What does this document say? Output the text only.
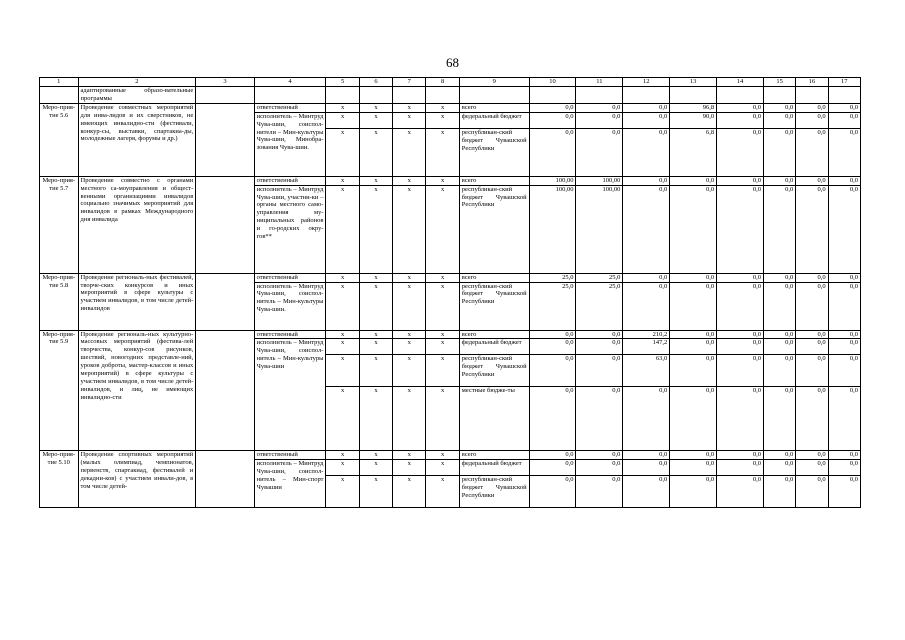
68
1	2	3	4	5	6	7	8	9	10	11	12	13	14	15	16	17
	адаптированные образо-вательные программы															
Меро-прия-тие 5.6	Проведение совместных мероприятий для инва-лидов и их сверстников, не имеющих инвалидно-сти (фестивали, конкур-сы, выставки, спартакиа-ды, молодежные лагеря, форумы и др.)		ответственный	x	x	x	x	всего	0,0	0,0	0,0	96,8	0,0	0,0	0,0	0,0
			исполнитель – Минтруд Чува-шии, соиспол-нители – Мин-культуры Чува-шии, Минобра-зования Чува-шии.	x	x	x	x	федеральный бюджет	0,0	0,0	0,0	90,0	0,0	0,0	0,0	0,0
				x	x	x	x	республикан-ский бюджет Чувашской Республики	0,0	0,0	0,0	6,8	0,0	0,0	0,0	0,0
Меро-прия-тие 5.7	Проведение совместно с органами местного са-моуправления и общест-венными организациями инвалидов социально значимых мероприятий для инвалидов в рамках Международного дня инвалида		ответственный	x	x	x	x	всего	100,00	100,00	0,0	0,0	0,0	0,0	0,0	0,0
			исполнитель – Минтруд Чува-шии, участни-ки – органы местного само-управления му-ниципальных районов и го-родских окру-гов**	x	x	x	x	республикан-ский бюджет Чувашской Республики	100,00	100,00	0,0	0,0	0,0	0,0	0,0	0,0
Меро-прия-тие 5.8	Проведение региональ-ных фестивалей, творче-ских конкурсов и иных мероприятий в сфере культуры с участием инвалидов, в том числе детей-инвалидов		ответственный	x	x	x	x	всего	25,0	25,0	0,0	0,0	0,0	0,0	0,0	0,0
			исполнитель – Минтруд Чува-шии, соиспол-нитель – Мин-культуры Чува-шии.	x	x	x	x	республикан-ский бюджет Чувашской Республики	25,0	25,0	0,0	0,0	0,0	0,0	0,0	0,0
Меро-прия-тие 5.9	Проведение региональ-ных культурно-массовых мероприятий (фестива-лей творчества, конкур-сов рисунков, шествий, новогодних представле-ний, уроков доброты, мастер-классов и иных мероприятий) в сфере культуры с участием инвалидов, в том числе детей-инвалидов, и лиц, не имеющих инвалидно-сти		ответственный	x	x	x	x	всего	0,0	0,0	210,2	0,0	0,0	0,0	0,0	0,0
			исполнитель – Минтруд Чува-шии, соиспол-нитель – Мин-культуры Чува-шии	x	x	x	x	федеральный бюджет	0,0	0,0	147,2	0,0	0,0	0,0	0,0	0,0
				x	x	x	x	республикан-ский бюджет Чувашской Республики	0,0	0,0	63,0	0,0	0,0	0,0	0,0	0,0
				x	x	x	x	местные бюдже-ты	0,0	0,0	0,0	0,0	0,0	0,0	0,0	0,0
Меро-прия-тие 5.10	Проведение спортивных мероприятий (малых олимпиад, чемпионатов, первенств, спартакиад, фестивалей и декадни-ков) с участием инвали-дов, в том числе детей-		ответственный	x	x	x	x	всего	0,0	0,0	0,0	0,0	0,0	0,0	0,0	0,0
			исполнитель – Минтруд Чува-шии, соиспол-нитель – Мин-спорт Чувашии	x	x	x	x	федеральный бюджет	0,0	0,0	0,0	0,0	0,0	0,0	0,0	0,0
				x	x	x	x	республикан-ский бюджет Чувашской Республики	0,0	0,0	0,0	0,0	0,0	0,0	0,0	0,0
